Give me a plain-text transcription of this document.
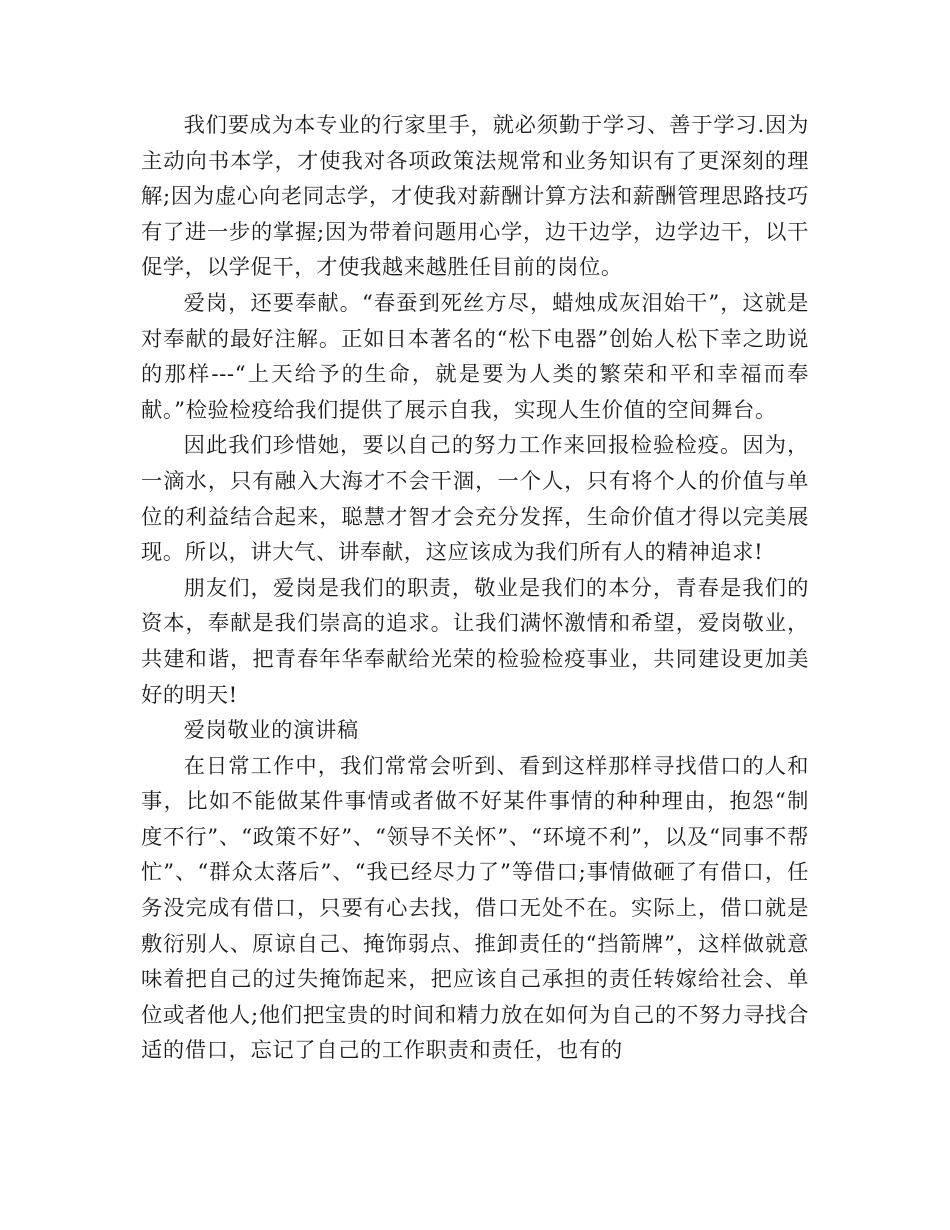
我们要成为本专业的行家里手，就必须勤于学习、善于学习.因为主动向书本学，才使我对各项政策法规常和业务知识有了更深刻的理解;因为虚心向老同志学，才使我对薪酬计算方法和薪酬管理思路技巧有了进一步的掌握;因为带着问题用心学，边干边学，边学边干，以干促学，以学促干，才使我越来越胜任目前的岗位。

爱岗，还要奉献。“春蚕到死丝方尽，蜡烛成灰泪始干”，这就是对奉献的最好注解。正如日本著名的“松下电器”创始人松下幸之助说的那样---“上天给予的生命，就是要为人类的繁荣和平和幸福而奉献。”检验检疫给我们提供了展示自我，实现人生价值的空间舞台。

因此我们珍惜她，要以自己的努力工作来回报检验检疫。因为，一滴水，只有融入大海才不会干涸，一个人，只有将个人的价值与单位的利益结合起来，聪慧才智才会充分发挥，生命价值才得以完美展现。所以，讲大气、讲奉献，这应该成为我们所有人的精神追求!

朋友们，爱岗是我们的职责，敬业是我们的本分，青春是我们的资本，奉献是我们崇高的追求。让我们满怀激情和希望，爱岗敬业，共建和谐，把青春年华奉献给光荣的检验检疫事业，共同建设更加美好的明天!

爱岗敬业的演讲稿

在日常工作中，我们常常会听到、看到这样那样寻找借口的人和事，比如不能做某件事情或者做不好某件事情的种种理由，抱怨“制度不行”、“政策不好”、“领导不关怀”、“环境不利”，以及“同事不帮忙”、“群众太落后”、“我已经尽力了”等借口;事情做砸了有借口，任务没完成有借口，只要有心去找，借口无处不在。实际上，借口就是敷衍别人、原谅自己、掩饰弱点、推卸责任的“挡箭牌”，这样做就意味着把自己的过失掩饰起来，把应该自己承担的责任转嫁给社会、单位或者他人;他们把宝贵的时间和精力放在如何为自己的不努力寻找合适的借口，忘记了自己的工作职责和责任，也有的
